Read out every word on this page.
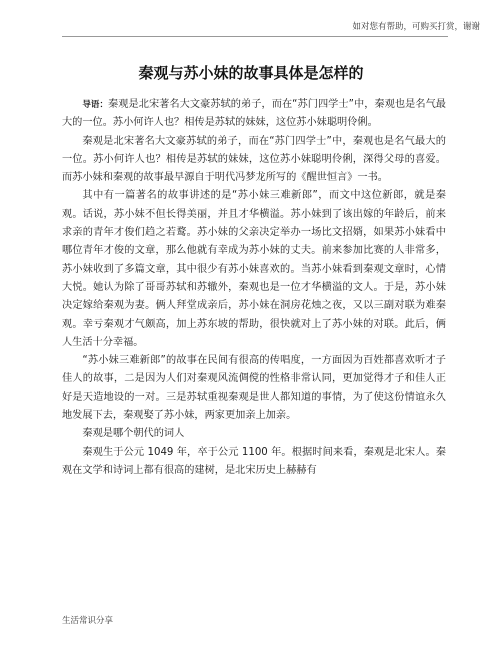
如对您有帮助，可购买打赏，谢谢
秦观与苏小妹的故事具体是怎样的

导语：秦观是北宋著名大文豪苏轼的弟子，而在“苏门四学士”中，秦观也是名气最大的一位。苏小何许人也？相传是苏轼的妹妹，这位苏小妹聪明伶俐。

秦观是北宋著名大文豪苏轼的弟子，而在“苏门四学士”中，秦观也是名气最大的一位。苏小何许人也？相传是苏轼的妹妹，这位苏小妹聪明伶俐，深得父母的喜爱。而苏小妹和秦观的故事最早源自于明代冯梦龙所写的《醒世恒言》一书。

其中有一篇著名的故事讲述的是“苏小妹三难新郎”，而文中这位新郎，就是秦观。话说，苏小妹不但长得美丽，并且才华横溢。苏小妹到了该出嫁的年龄后，前来求亲的青年才俊们趋之若鹜。苏小妹的父亲决定举办一场比文招婿，如果苏小妹看中哪位青年才俊的文章，那么他就有幸成为苏小妹的丈夫。前来参加比赛的人非常多，苏小妹收到了多篇文章，其中很少有苏小妹喜欢的。当苏小妹看到秦观文章时，心情大悦。她认为除了哥哥苏轼和苏辙外，秦观也是一位才华横溢的文人。于是，苏小妹决定嫁给秦观为妻。俩人拜堂成亲后，苏小妹在洞房花烛之夜，又以三副对联为难秦观。幸亏秦观才气颇高，加上苏东坡的帮助，很快就对上了苏小妹的对联。此后，俩人生活十分幸福。

“苏小妹三难新郎”的故事在民间有很高的传唱度，一方面因为百姓都喜欢听才子佳人的故事，二是因为人们对秦观风流倜傥的性格非常认同，更加觉得才子和佳人正好是天造地设的一对。三是苏轼重视秦观是世人都知道的事情，为了使这份情谊永久地发展下去，秦观娶了苏小妹，两家更加亲上加亲。

秦观是哪个朝代的词人

秦观生于公元 1049 年，卒于公元 1100 年。根据时间来看，秦观是北宋人。秦观在文学和诗词上都有很高的建树，是北宋历史上赫赫有

生活常识分享
